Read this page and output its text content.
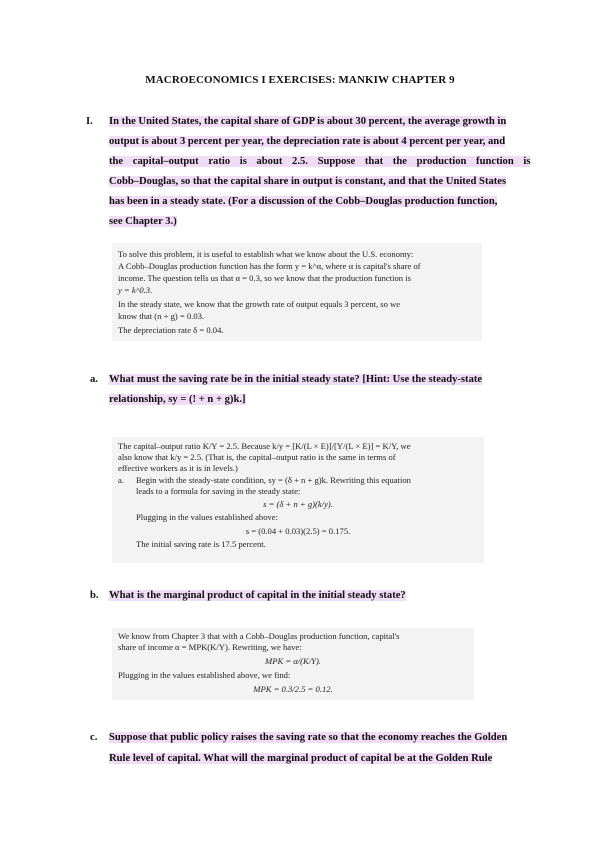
MACROECONOMICS I EXERCISES: MANKIW CHAPTER 9
I. In the United States, the capital share of GDP is about 30 percent, the average growth in
output is about 3 percent per year, the depreciation rate is about 4 percent per year, and
the capital–output ratio is about 2.5. Suppose that the production function is
Cobb–Douglas, so that the capital share in output is constant, and that the United States
has been in a steady state. (For a discussion of the Cobb–Douglas production function,
see Chapter 3.)
To solve this problem, it is useful to establish what we know about the U.S. economy:
A Cobb–Douglas production function has the form y = k^α, where α is capital's share of
income. The question tells us that α = 0.3, so we know that the production function is
y = k^0.3.
In the steady state, we know that the growth rate of output equals 3 percent, so we
know that (n + g) = 0.03.
The depreciation rate δ = 0.04.
a. What must the saving rate be in the initial steady state? [Hint: Use the steady-state
relationship, sy = (! + n + g)k.]
The capital–output ratio K/Y = 2.5. Because k/y = [K/(L × E)]/[Y/(L × E)] = K/Y, we
also know that k/y = 2.5. (That is, the capital–output ratio is the same in terms of
effective workers as it is in levels.)
a. Begin with the steady-state condition, sy = (δ + n + g)k. Rewriting this equation
leads to a formula for saving in the steady state:
s = (δ + n + g)(k/y).
Plugging in the values established above:
s = (0.04 + 0.03)(2.5) = 0.175.
The initial saving rate is 17.5 percent.
b. What is the marginal product of capital in the initial steady state?
We know from Chapter 3 that with a Cobb–Douglas production function, capital's
share of income α = MPK(K/Y). Rewriting, we have:
MPK = α/(K/Y).
Plugging in the values established above, we find:
MPK = 0.3/2.5 = 0.12.
c. Suppose that public policy raises the saving rate so that the economy reaches the Golden
Rule level of capital. What will the marginal product of capital be at the Golden Rule
